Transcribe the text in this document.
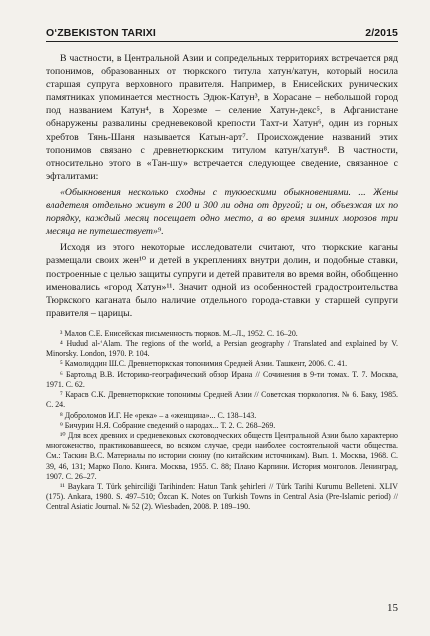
O‘ZBEKISTON TARIXI	2/2015

В частности, в Центральной Азии и сопредельных территориях встречается ряд топонимов, образованных от тюркского титула хатун/катун, который носила старшая супруга верховного правителя. Например, в Енисейских рунических памятниках упоминается местность Эдюк-Катун³, в Хорасане – небольшой город под названием Катун⁴, в Хорезме – селение Хатун-декс⁵, в Афганистане обнаружены развалины средневековой крепости Тахт-и Хатун⁶, один из горных хребтов Тянь-Шаня называется Катын-арт⁷. Происхождение названий этих топонимов связано с древнетюркским титулом катун/хатун⁸. В частности, относительно этого в «Тан-шу» встречается следующее сведение, связанное с эфталитами:

«Обыкновения несколько сходны с тукюескими обыкновениями. ... Жены владетеля отдельно живут в 200 и 300 ли одна от другой; и он, объезжая их по порядку, каждый месяц посещает одно место, а во время зимних морозов три месяца не путешествует»⁹.

Исходя из этого некоторые исследователи считают, что тюркские каганы размещали своих жен¹⁰ и детей в укреплениях внутри долин, и подобные ставки, построенные с целью защиты супруги и детей правителя во время войн, обобщенно именовались «город Хатун»¹¹. Значит одной из особенностей градостроительства Тюркского каганата было наличие отдельного города-ставки у старшей супруги правителя – царицы.

³ Малов С.Е. Енисейская письменность тюрков. М.–Л., 1952. С. 16–20.

⁴ Hudud al-‘Alam. The regions of the world, a Persian geography / Translated and explained by V. Minorsky. London, 1970. P. 104.

⁵ Камолиддин Ш.С. Древнетюркская топонимия Средней Азии. Ташкент, 2006. С. 41.

⁶ Бартольд В.В. Историко-географический обзор Ирана // Сочинения в 9-ти томах. Т. 7. Москва, 1971. С. 62.

⁷ Карасв С.К. Древнетюркские топонимы Средней Азии // Советская тюркология. № 6. Баку, 1985. С. 24.

⁸ Доброломов И.Г. Не «река» – а «женщина»... С. 138–143.

⁹ Бичурин Н.Я. Собрание сведений о народах... Т. 2. С. 268–269.

¹⁰ Для всех древних и средневековых скотоводческих обществ Центральной Азии было характерно многоженство, практиковавшееся, во всяком случае, среди наиболее состоятельной части общества. См.: Таскин В.С. Материалы по истории сюнну (по китайским источникам). Вып. 1. Москва, 1968. С. 39, 46, 131; Марко Поло. Книга. Москва, 1955. С. 88; Плано Карпини. История монголов. Ленинград, 1907. С. 26–27.

¹¹ Baykara T. Türk şehirciliği Tarihinden: Hatun Tarık şehirleri // Türk Tarihi Kurumu Belleteni. XLIV (175). Ankara, 1980. S. 497–510; Özcan K. Notes on Turkish Towns in Central Asia (Pre-Islamic period) // Central Asiatic Journal. № 52 (2). Wiesbaden, 2008. P. 189–190.

15
